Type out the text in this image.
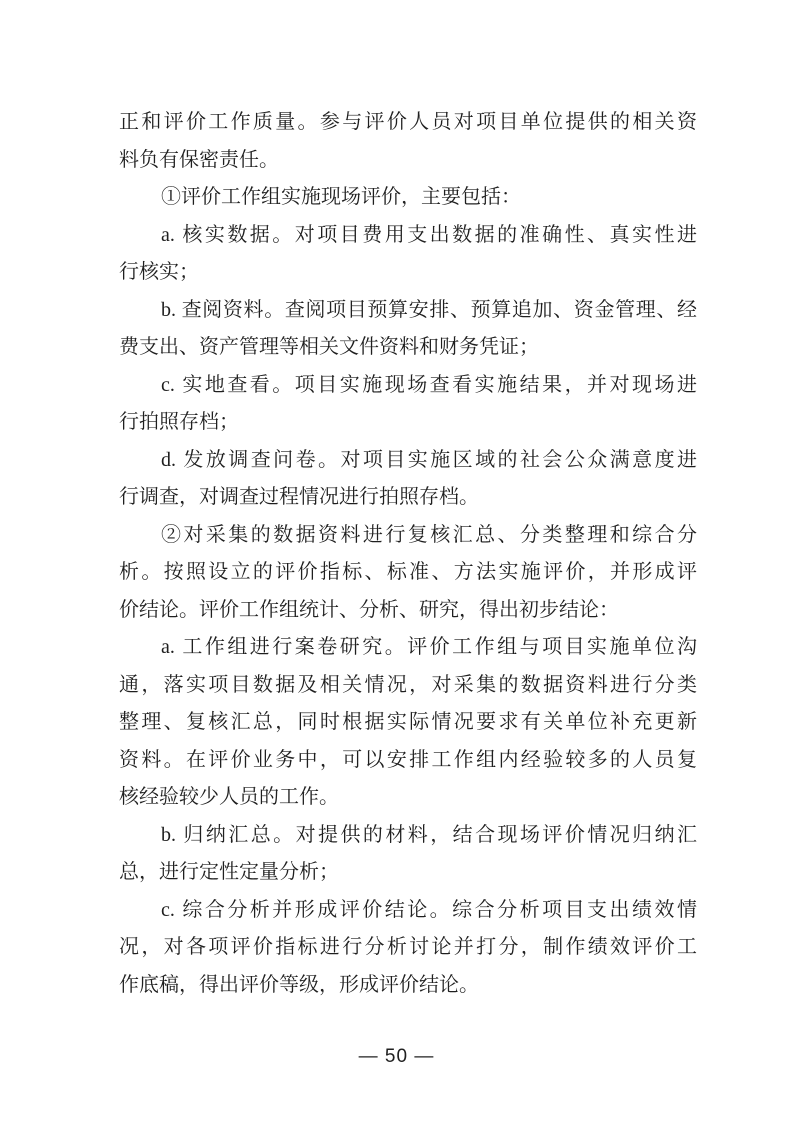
正和评价工作质量。参与评价人员对项目单位提供的相关资
料负有保密责任。
①评价工作组实施现场评价，主要包括：
a. 核实数据。对项目费用支出数据的准确性、真实性进
行核实；
b. 查阅资料。查阅项目预算安排、预算追加、资金管理、经
费支出、资产管理等相关文件资料和财务凭证；
c. 实地查看。项目实施现场查看实施结果，并对现场进
行拍照存档；
d. 发放调查问卷。对项目实施区域的社会公众满意度进
行调查，对调查过程情况进行拍照存档。
②对采集的数据资料进行复核汇总、分类整理和综合分
析。按照设立的评价指标、标准、方法实施评价，并形成评
价结论。评价工作组统计、分析、研究，得出初步结论：
a. 工作组进行案卷研究。评价工作组与项目实施单位沟
通，落实项目数据及相关情况，对采集的数据资料进行分类
整理、复核汇总，同时根据实际情况要求有关单位补充更新
资料。在评价业务中，可以安排工作组内经验较多的人员复
核经验较少人员的工作。
b. 归纳汇总。对提供的材料，结合现场评价情况归纳汇
总，进行定性定量分析；
c. 综合分析并形成评价结论。综合分析项目支出绩效情
况，对各项评价指标进行分析讨论并打分，制作绩效评价工
作底稿，得出评价等级，形成评价结论。
— 50 —
